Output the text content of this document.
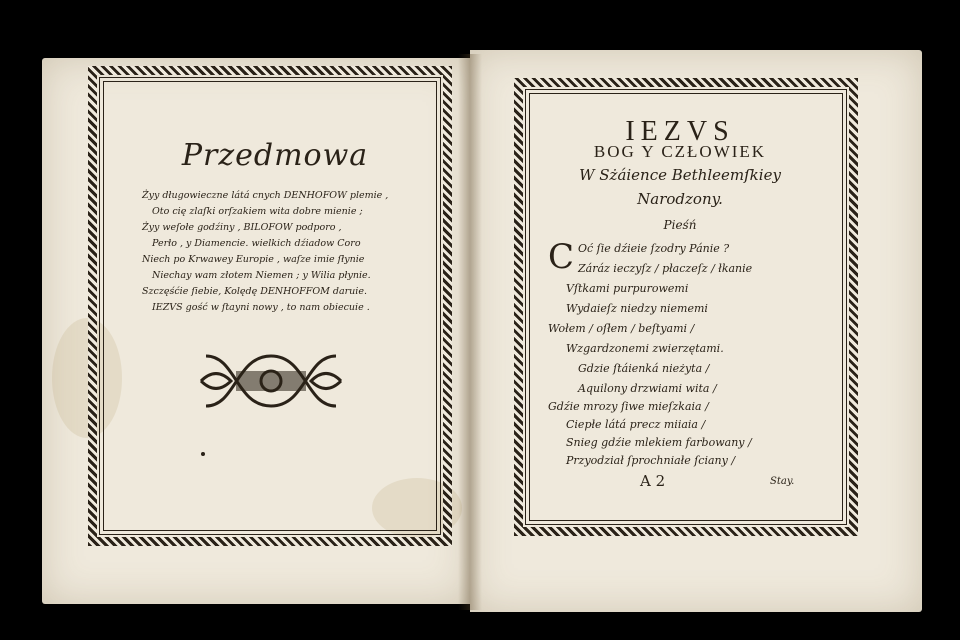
Przedmowa
Żyy długowieczne látá cnych DENHOFOW plemie ,
Oto cię zlaſki orſzakiem wita dobre mienie ;
Żyy weſołe godźiny , BILOFOW podporo ,
Perło , y Diamencie. wielkich dźiadow Coro
Niech po Krwawey Europie , waſze imie ſłynie
Niechay wam złotem Niemen ; y Wilia płynie.
Szczęśćie ſiebie, Kolędę DENHOFFOM daruie.
IEZVS gość w ſtayni nowy , to nam obiecuie .
IEZVS
BOG Y CZŁOWIEK
W Sżáience Bethleemſkiey
Narodzony.
Pieśń
C Oć ſie dźieie ſzodry Pánie ?
Záráz ieczyſz / płaczeſz / łkanie
Vſtkami purpurowemi
Wydaieſz niedzy niememi
Wołem / oſłem / beſtyami /
Wzgardzonemi zwierzętami.
Gdzie ſtáienká nieżyta /
Aquilony drzwiami wita /
Gdźie mrozy ſiwe mieſzkaia /
Ciepłe látá precz miiaia /
Snieg gdźie mlekiem farbowany /
Przyodział ſprochniałe ſciany /
A 2	Stay.
